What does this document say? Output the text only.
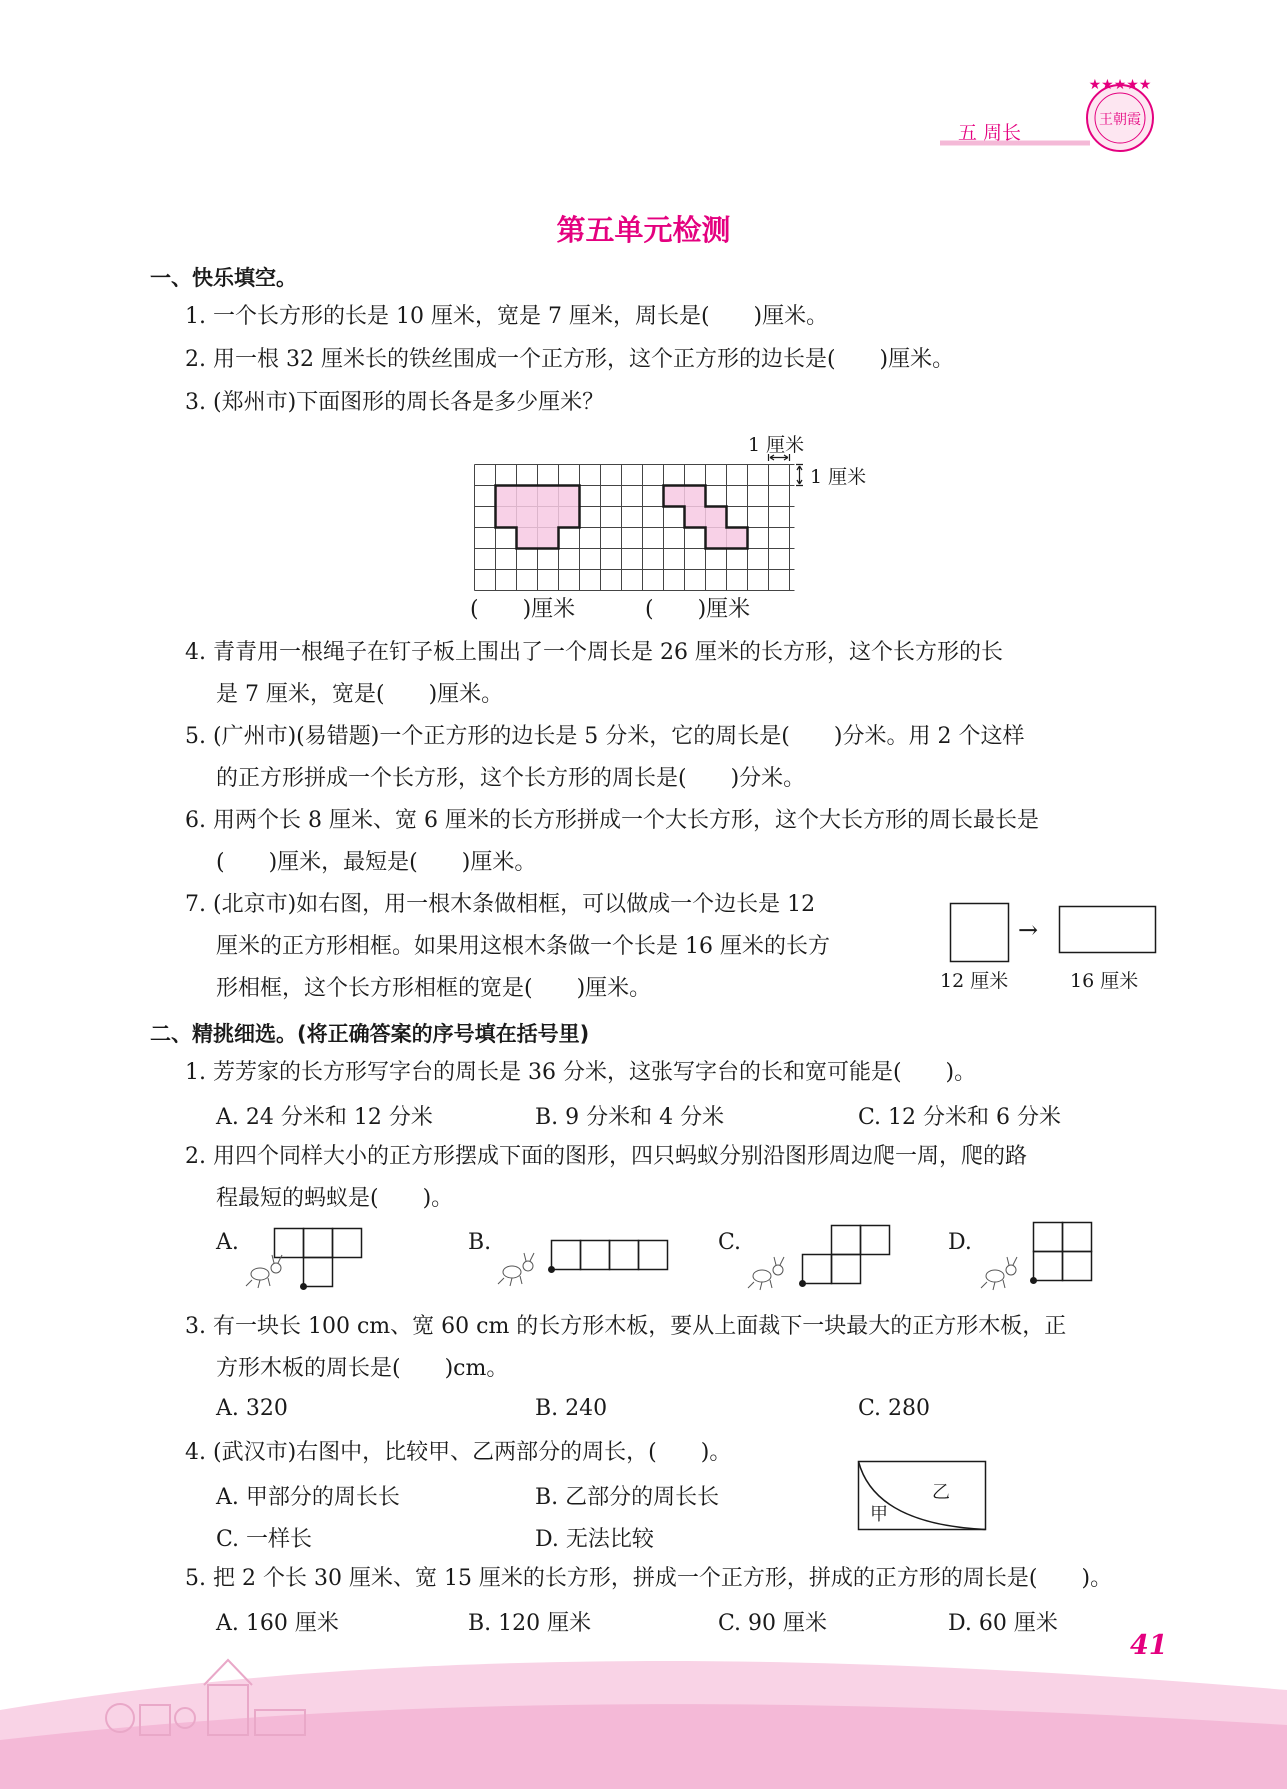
五 周长
★★★★★
王朝霞
第五单元检测
一、快乐填空。
1. 一个长方形的长是 10 厘米，宽是 7 厘米，周长是(　　)厘米。
2. 用一根 32 厘米长的铁丝围成一个正方形，这个正方形的边长是(　　)厘米。
3. (郑州市)下面图形的周长各是多少厘米？
1 厘米
1 厘米
(　　)厘米	(　　)厘米
4. 青青用一根绳子在钉子板上围出了一个周长是 26 厘米的长方形，这个长方形的长
是 7 厘米，宽是(　　)厘米。
5. (广州市)(易错题)一个正方形的边长是 5 分米，它的周长是(　　)分米。用 2 个这样
的正方形拼成一个长方形，这个长方形的周长是(　　)分米。
6. 用两个长 8 厘米、宽 6 厘米的长方形拼成一个大长方形，这个大长方形的周长最长是
(　　)厘米，最短是(　　)厘米。
7. (北京市)如右图，用一根木条做相框，可以做成一个边长是 12
厘米的正方形相框。如果用这根木条做一个长是 16 厘米的长方
形相框，这个长方形相框的宽是(　　)厘米。
→
12 厘米	16 厘米
二、精挑细选。(将正确答案的序号填在括号里)
1. 芳芳家的长方形写字台的周长是 36 分米，这张写字台的长和宽可能是(　　)。
A. 24 分米和 12 分米	B. 9 分米和 4 分米	C. 12 分米和 6 分米
2. 用四个同样大小的正方形摆成下面的图形，四只蚂蚁分别沿图形周边爬一周，爬的路
程最短的蚂蚁是(　　)。
A.	B.	C.	D.
3. 有一块长 100 cm、宽 60 cm 的长方形木板，要从上面裁下一块最大的正方形木板，正
方形木板的周长是(　　)cm。
A. 320	B. 240	C. 280
4. (武汉市)右图中，比较甲、乙两部分的周长，(　　)。
A. 甲部分的周长长	B. 乙部分的周长长
C. 一样长	D. 无法比较
甲
乙
5. 把 2 个长 30 厘米、宽 15 厘米的长方形，拼成一个正方形，拼成的正方形的周长是(　　)。
A. 160 厘米	B. 120 厘米	C. 90 厘米	D. 60 厘米
41
